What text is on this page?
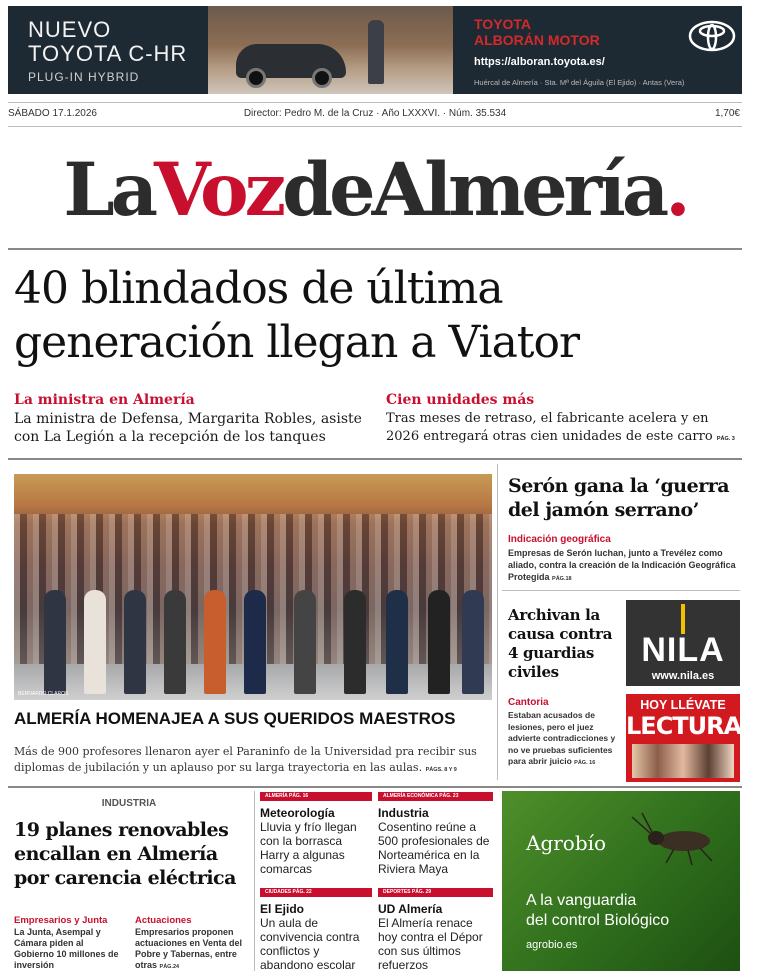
NUEVO
TOYOTA C-HR
PLUG-IN HYBRID
TOYOTA
ALBORÁN MOTOR
https://alboran.toyota.es/
Huércal de Almería · Sta. Mª del Águila (El Ejido) · Antas (Vera)
SÁBADO 17.1.2026	Director: Pedro M. de la Cruz · Año LXXXVI. · Núm. 35.534	1,70€
LaVozdeAlmería.
40 blindados de última
generación llegan a Viator
La ministra en Almería
La ministra de Defensa, Margarita Robles, asiste con La Legión a la recepción de los tanques
Cien unidades más
Tras meses de retraso, el fabricante acelera y en 2026 entregará otras cien unidades de este carro PÁG. 3
BERNARDO CLAROS
ALMERÍA HOMENAJEA A SUS QUERIDOS MAESTROS
Más de 900 profesores llenaron ayer el Paraninfo de la Universidad pra recibir sus diplomas de jubilación y un aplauso por su larga trayectoria en las aulas. PÁGS. 8 Y 9
Serón gana la ‘guerra
del jamón serrano’
Indicación geográfica
Empresas de Serón luchan, junto a Trevélez como aliado, contra la creación de la Indicación Geográfica Protegida PÁG.18
Archivan la
causa contra
4 guardias
civiles
Cantoria
Estaban acusados de lesiones, pero el juez advierte contradicciones y no ve pruebas suficientes para abrir juicio PÁG. 16
NILA
www.nila.es
HOY LLÉVATE
LECTURAS
INDUSTRIA
19 planes renovables
encallan en Almería
por carencia eléctrica
Empresarios y Junta
La Junta, Asempal y Cámara piden al Gobierno 10 millones de inversión
Actuaciones
Empresarios proponen actuaciones en Venta del Pobre y Tabernas, entre otras PÁG.24
ALMERÍA PÁG. 16
Meteorología
Lluvia y frío llegan con la borrasca Harry a algunas comarcas
ALMERÍA ECONÓMICA PÁG. 23
Industria
Cosentino reúne a 500 profesionales de Norteamérica en la Riviera Maya
CIUDADES PÁG. 22
El Ejido
Un aula de convivencia contra conflictos y abandono escolar
DEPORTES PÁG. 29
UD Almería
El Almería renace hoy contra el Dépor con sus últimos refuerzos
Agrobío
A la vanguardia
del control Biológico
agrobio.es
